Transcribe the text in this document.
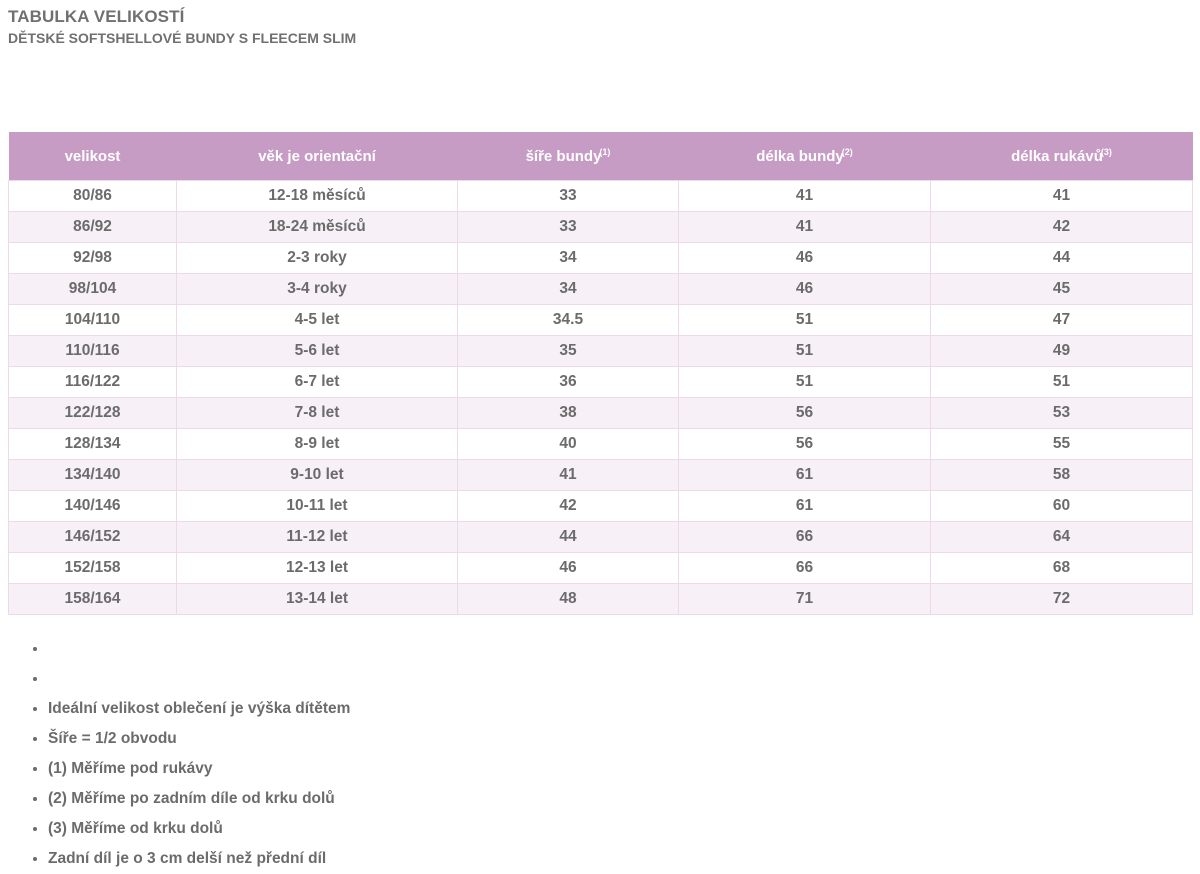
TABULKA VELIKOSTÍ
DĚTSKÉ SOFTSHELLOVÉ BUNDY S FLEECEM SLIM
velikost	věk je orientační	šíře bundy$^{(1)}$	délka bundy$^{(2)}$	délka rukávů$^{(3)}$
80/86	12-18 měsíců	33	41	41
86/92	18-24 měsíců	33	41	42
92/98	2-3 roky	34	46	44
98/104	3-4 roky	34	46	45
104/110	4-5 let	34.5	51	47
110/116	5-6 let	35	51	49
116/122	6-7 let	36	51	51
122/128	7-8 let	38	56	53
128/134	8-9 let	40	56	55
134/140	9-10 let	41	61	58
140/146	10-11 let	42	61	60
146/152	11-12 let	44	66	64
152/158	12-13 let	46	66	68
158/164	13-14 let	48	71	72
•
•
• Ideální velikost oblečení je výška dítětem
• Šíře = 1/2 obvodu
• (1) Měříme pod rukávy
• (2) Měříme po zadním díle od krku dolů
• (3) Měříme od krku dolů
• Zadní díl je o 3 cm delší než přední díl
